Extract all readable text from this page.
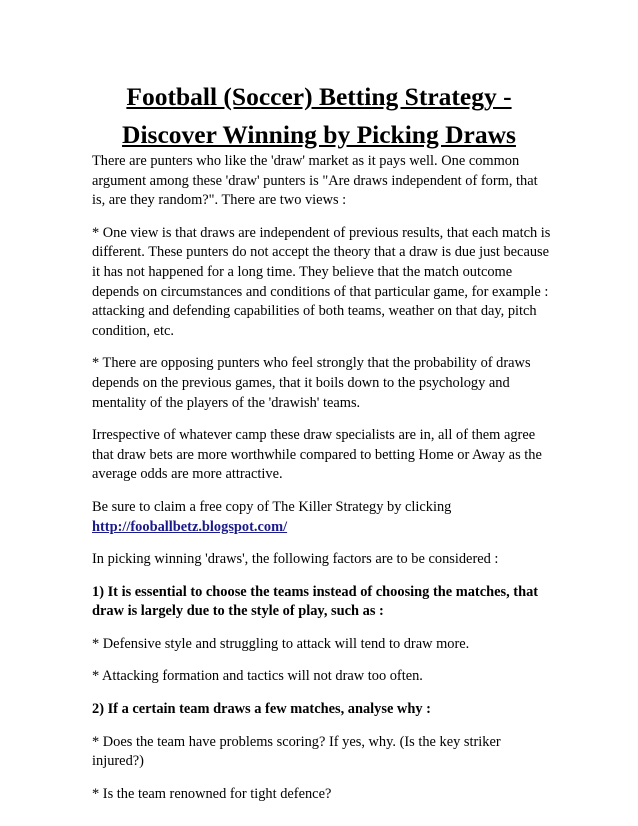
Football (Soccer) Betting Strategy -
Discover Winning by Picking Draws

There are punters who like the 'draw' market as it pays well. One common argument among these 'draw' punters is "Are draws independent of form, that is, are they random?". There are two views :

* One view is that draws are independent of previous results, that each match is different. These punters do not accept the theory that a draw is due just because it has not happened for a long time. They believe that the match outcome depends on circumstances and conditions of that particular game, for example : attacking and defending capabilities of both teams, weather on that day, pitch condition, etc.

* There are opposing punters who feel strongly that the probability of draws depends on the previous games, that it boils down to the psychology and mentality of the players of the 'drawish' teams.

Irrespective of whatever camp these draw specialists are in, all of them agree that draw bets are more worthwhile compared to betting Home or Away as the average odds are more attractive.

Be sure to claim a free copy of The Killer Strategy by clicking
http://fooballbetz.blogspot.com/

In picking winning 'draws', the following factors are to be considered :

1) It is essential to choose the teams instead of choosing the matches, that draw is largely due to the style of play, such as :

* Defensive style and struggling to attack will tend to draw more.

* Attacking formation and tactics will not draw too often.

2) If a certain team draws a few matches, analyse why :

* Does the team have problems scoring? If yes, why. (Is the key striker injured?)

* Is the team renowned for tight defence?
